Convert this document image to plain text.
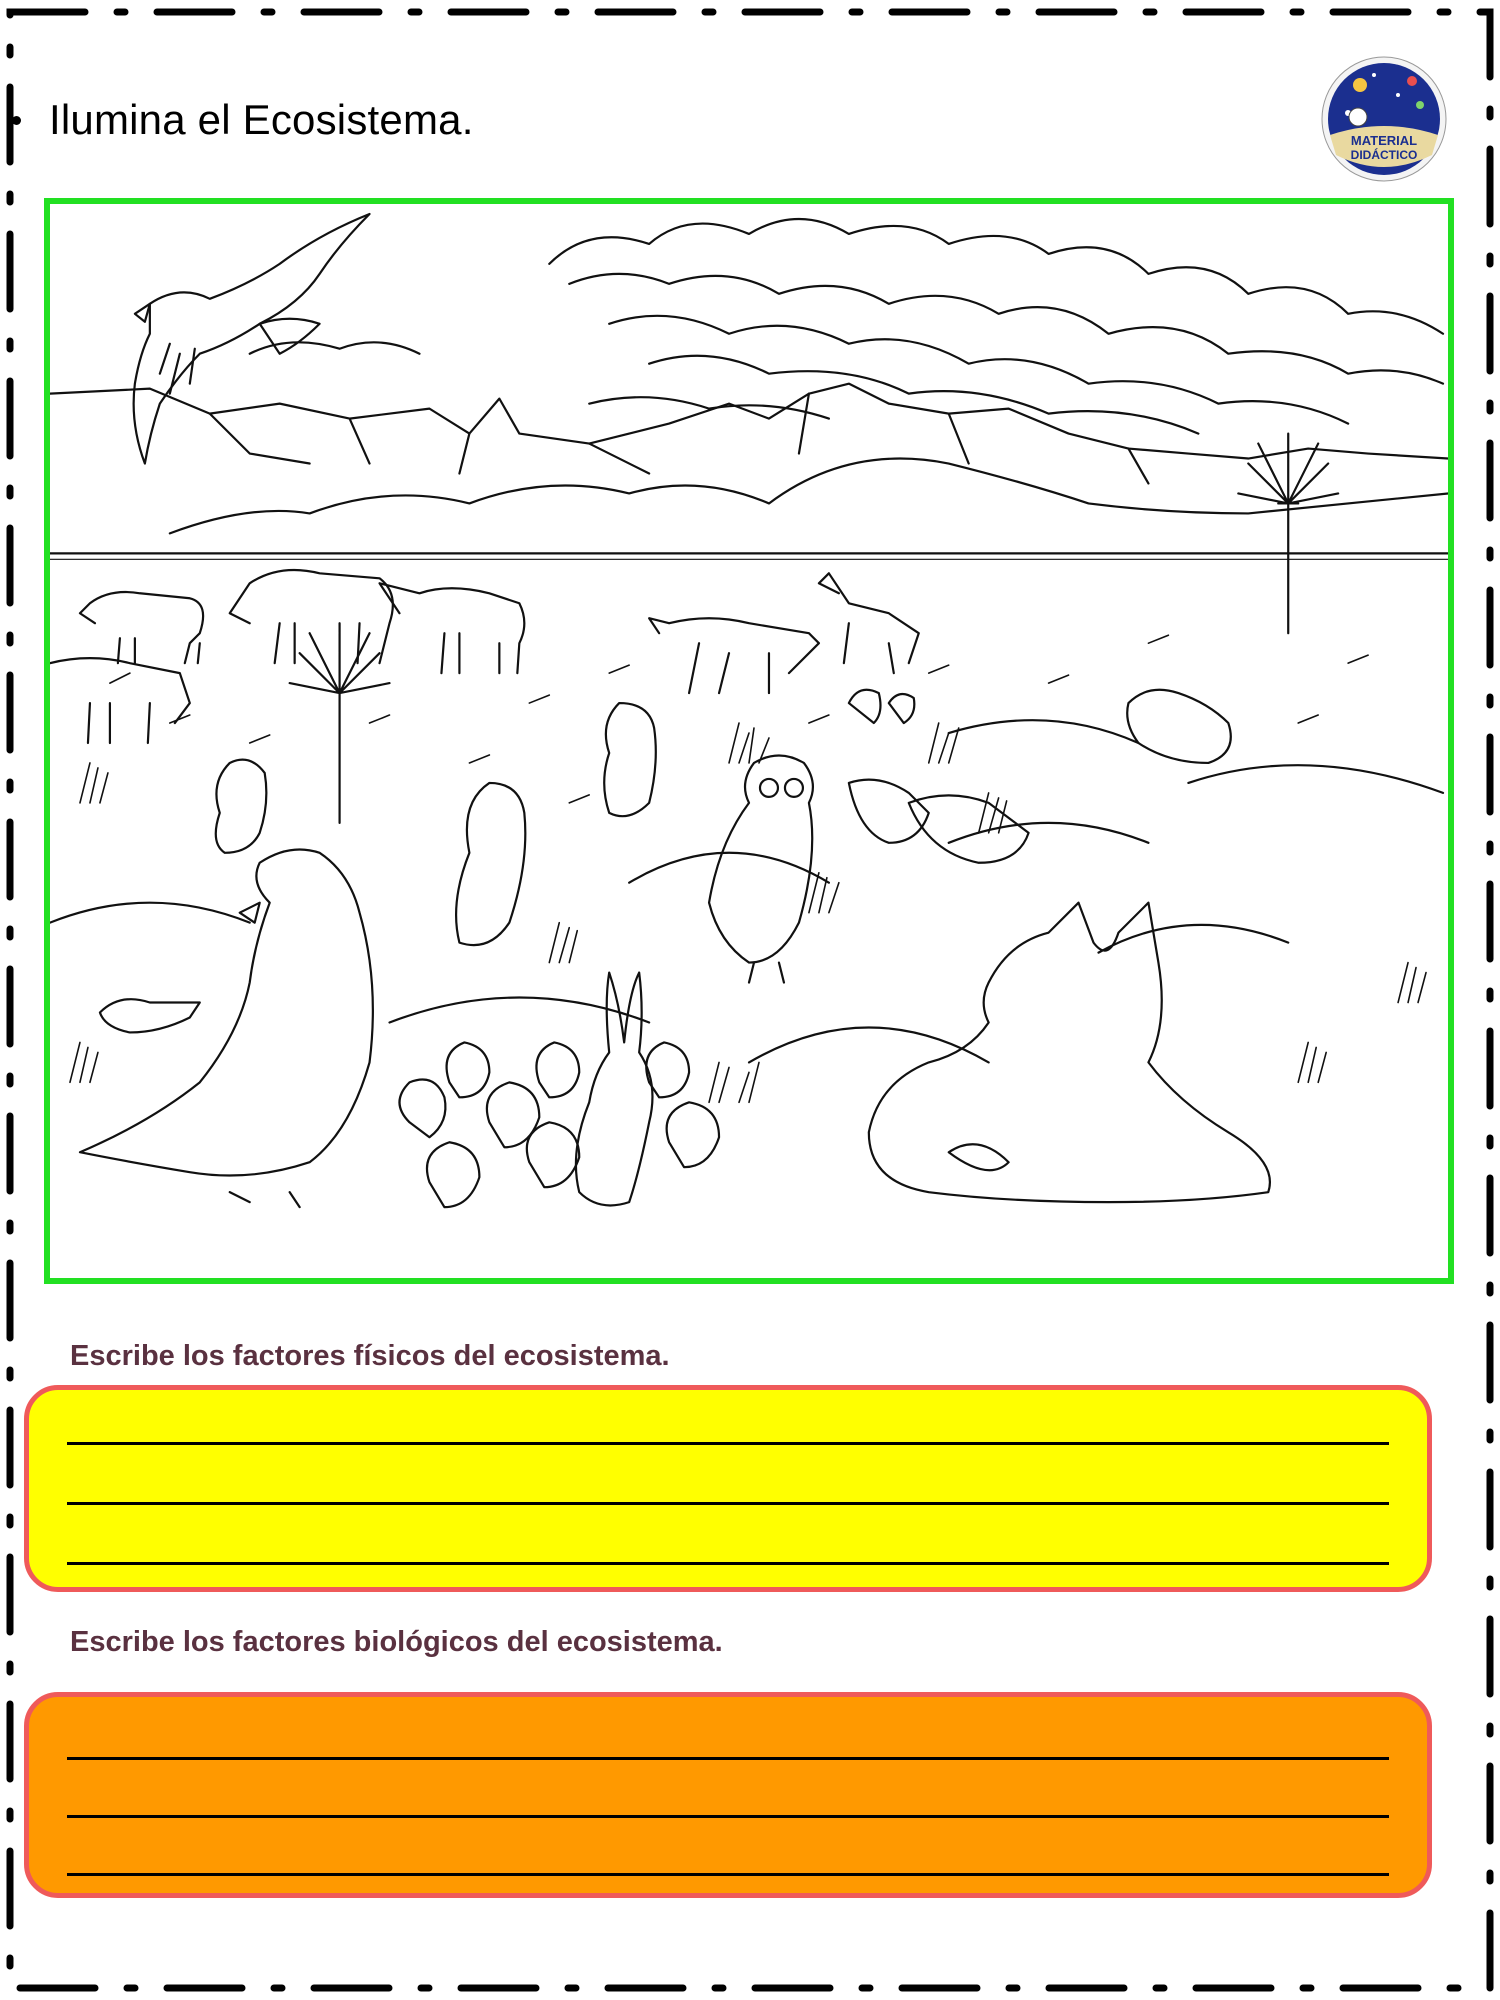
Ilumina el Ecosistema.	MATERIAL
DIDÁCTICO
Escribe los factores físicos del ecosistema.
Escribe los factores biológicos del ecosistema.
